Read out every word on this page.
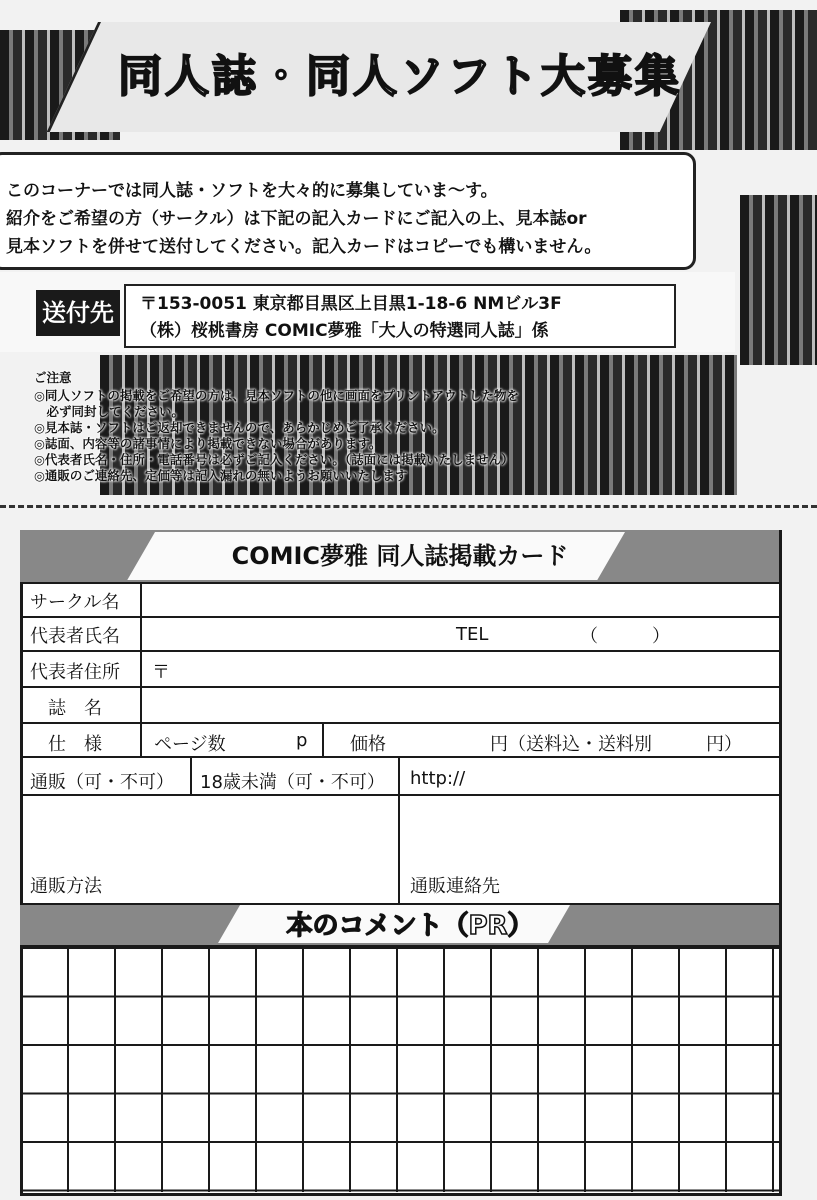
同人誌・同人ソフト大募集
このコーナーでは同人誌・ソフトを大々的に募集していま～す。
紹介をご希望の方（サークル）は下記の記入カードにご記入の上、見本誌or
見本ソフトを併せて送付してください。記入カードはコピーでも構いません。
送付先	〒153-0051 東京都目黒区上目黒1-18-6 NMビル3F
（株）桜桃書房 COMIC夢雅「大人の特選同人誌」係
ご注意
◎同人ソフトの掲載をご希望の方は、見本ソフトの他に画面をプリントアウトした物を
　必ず同封してください。
◎見本誌・ソフトはご返却できませんので、あらかじめご了承ください。
◎誌面、内容等の諸事情により掲載できない場合があります。
◎代表者氏名・住所・電話番号は必ずご記入ください。（誌面には掲載いたしません）
◎通販のご連絡先、定価等は記入漏れの無いようお願いいたします
COMIC夢雅 同人誌掲載カード
サークル名
代表者氏名	TEL	（　　　）
代表者住所 〒
誌　名
仕　様	ページ数	p 価格	円（送料込・送料別　　　円）
通販（可・不可） 18歳未満（可・不可） http://
通販方法	通販連絡先
本のコメント（PR）
